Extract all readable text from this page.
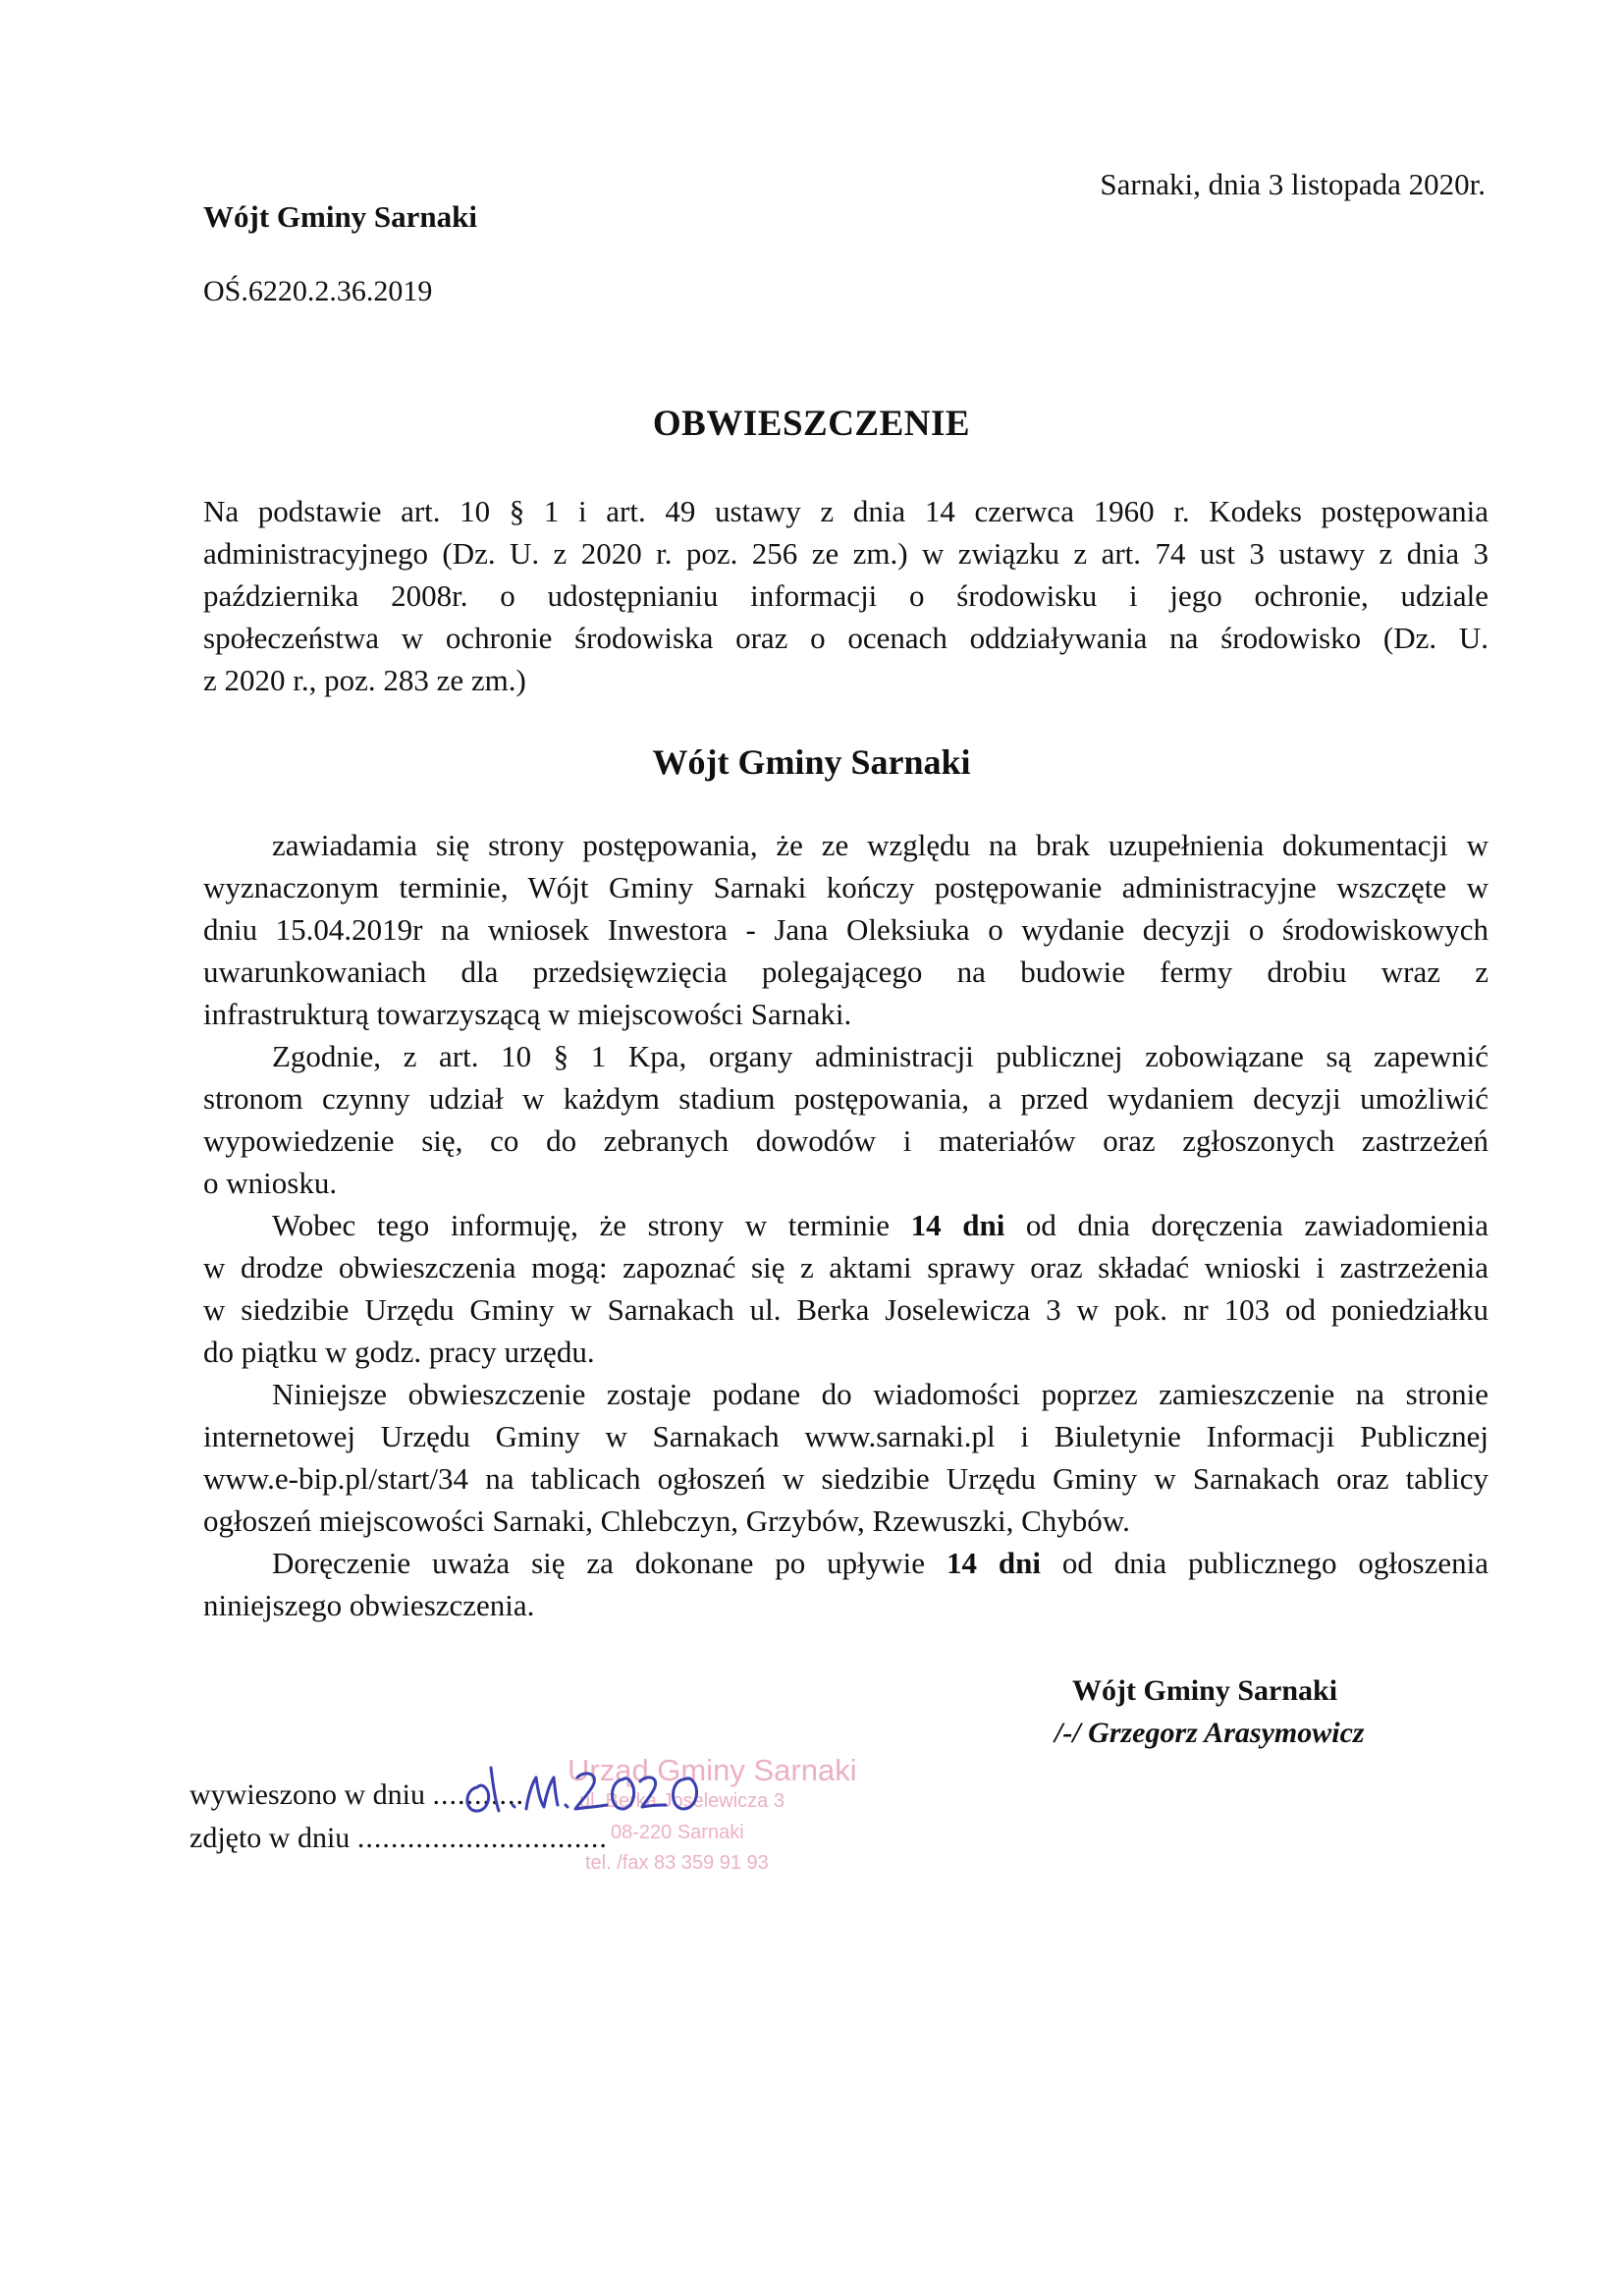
Sarnaki, dnia 3 listopada 2020r.
Wójt Gminy Sarnaki
OŚ.6220.2.36.2019
OBWIESZCZENIE
Na podstawie art. 10 § 1 i art. 49 ustawy z dnia 14 czerwca 1960 r. Kodeks postępowania
administracyjnego (Dz. U. z 2020 r. poz. 256 ze zm.) w związku z art. 74 ust 3 ustawy z dnia 3
października 2008r. o udostępnianiu informacji o środowisku i jego ochronie, udziale
społeczeństwa w ochronie środowiska oraz o ocenach oddziaływania na środowisko (Dz. U.
z 2020 r., poz. 283 ze zm.)
Wójt Gminy Sarnaki
zawiadamia się strony postępowania, że ze względu na brak uzupełnienia dokumentacji w
wyznaczonym terminie, Wójt Gminy Sarnaki kończy postępowanie administracyjne wszczęte w
dniu 15.04.2019r na wniosek Inwestora - Jana Oleksiuka o wydanie decyzji o środowiskowych
uwarunkowaniach dla przedsięwzięcia polegającego na budowie fermy drobiu wraz z
infrastrukturą towarzyszącą w miejscowości Sarnaki.
Zgodnie, z art. 10 § 1 Kpa, organy administracji publicznej zobowiązane są zapewnić
stronom czynny udział w każdym stadium postępowania, a przed wydaniem decyzji umożliwić
wypowiedzenie się, co do zebranych dowodów i materiałów oraz zgłoszonych zastrzeżeń
o wniosku.
Wobec tego informuję, że strony w terminie 14 dni od dnia doręczenia zawiadomienia
w drodze obwieszczenia mogą: zapoznać się z aktami sprawy oraz składać wnioski i zastrzeżenia
w siedzibie Urzędu Gminy w Sarnakach ul. Berka Joselewicza 3 w pok. nr 103 od poniedziałku
do piątku w godz. pracy urzędu.
Niniejsze obwieszczenie zostaje podane do wiadomości poprzez zamieszczenie na stronie
internetowej Urzędu Gminy w Sarnakach www.sarnaki.pl i Biuletynie Informacji Publicznej
www.e-bip.pl/start/34 na tablicach ogłoszeń w siedzibie Urzędu Gminy w Sarnakach oraz tablicy
ogłoszeń miejscowości Sarnaki, Chlebczyn, Grzybów, Rzewuszki, Chybów.
Doręczenie uważa się za dokonane po upływie 14 dni od dnia publicznego ogłoszenia
niniejszego obwieszczenia.
Wójt Gminy Sarnaki
/-/ Grzegorz Arasymowicz
Urząd Gminy Sarnaki
ul. Berka Joselewicza 3
08-220 Sarnaki
tel. /fax 83 359 91 93
wywieszono w dniu ...........
zdjęto w dniu ..............................
